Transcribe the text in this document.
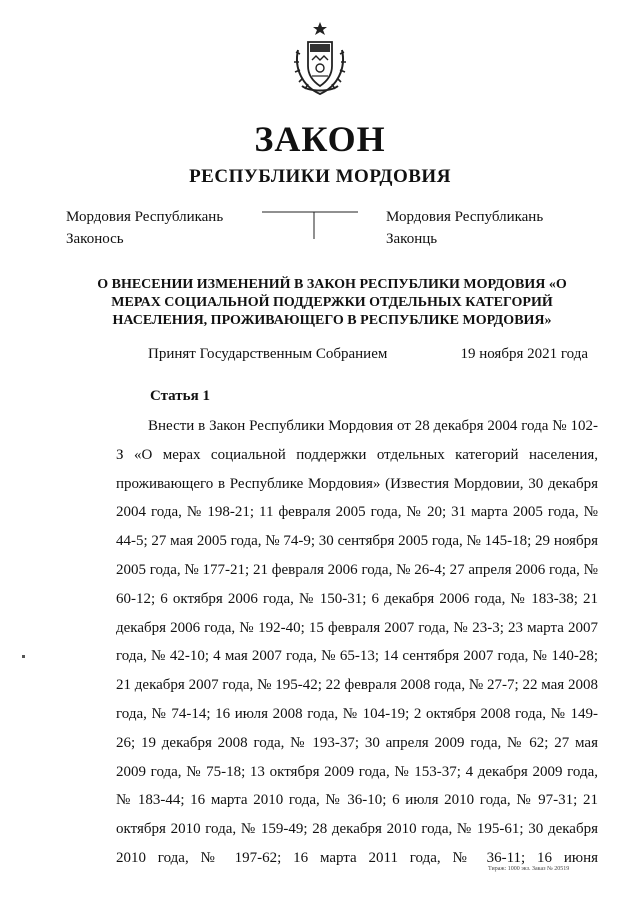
ЗАКОН
РЕСПУБЛИКИ МОРДОВИЯ
Мордовия Республикань
Законось
Мордовия Республикань
Законць
О ВНЕСЕНИИ ИЗМЕНЕНИЙ В ЗАКОН РЕСПУБЛИКИ МОРДОВИЯ «О МЕРАХ СОЦИАЛЬНОЙ ПОДДЕРЖКИ ОТДЕЛЬНЫХ КАТЕГОРИЙ НАСЕЛЕНИЯ, ПРОЖИВАЮЩЕГО В РЕСПУБЛИКЕ МОРДОВИЯ»
Принят Государственным Собранием	19 ноября 2021 года
Статья 1
Внести в Закон Республики Мордовия от 28 декабря 2004 года № 102-З «О мерах социальной поддержки отдельных категорий населения, проживающего в Республике Мордовия» (Известия Мордовии, 30 декабря 2004 года, № 198-21; 11 февраля 2005 года, № 20; 31 марта 2005 года, № 44-5; 27 мая 2005 года, № 74-9; 30 сентября 2005 года, № 145-18; 29 ноября 2005 года, № 177-21; 21 февраля 2006 года, № 26-4; 27 апреля 2006 года, № 60-12; 6 октября 2006 года, № 150-31; 6 декабря 2006 года, № 183-38; 21 декабря 2006 года, № 192-40; 15 февраля 2007 года, № 23-3; 23 марта 2007 года, № 42-10; 4 мая 2007 года, № 65-13; 14 сентября 2007 года, № 140-28; 21 декабря 2007 года, № 195-42; 22 февраля 2008 года, № 27-7; 22 мая 2008 года, № 74-14; 16 июля 2008 года, № 104-19; 2 октября 2008 года, № 149-26; 19 декабря 2008 года, № 193-37; 30 апреля 2009 года, № 62; 27 мая 2009 года, № 75-18; 13 октября 2009 года, № 153-37; 4 декабря 2009 года, № 183-44; 16 марта 2010 года, № 36-10; 6 июля 2010 года, № 97-31; 21 октября 2010 года, № 159-49; 28 декабря 2010 года, № 195-61; 30 декабря 2010 года, № 197-62; 16 марта 2011 года, № 36-11; 16 июня
Тираж: 1000 экз. Заказ № 20519
